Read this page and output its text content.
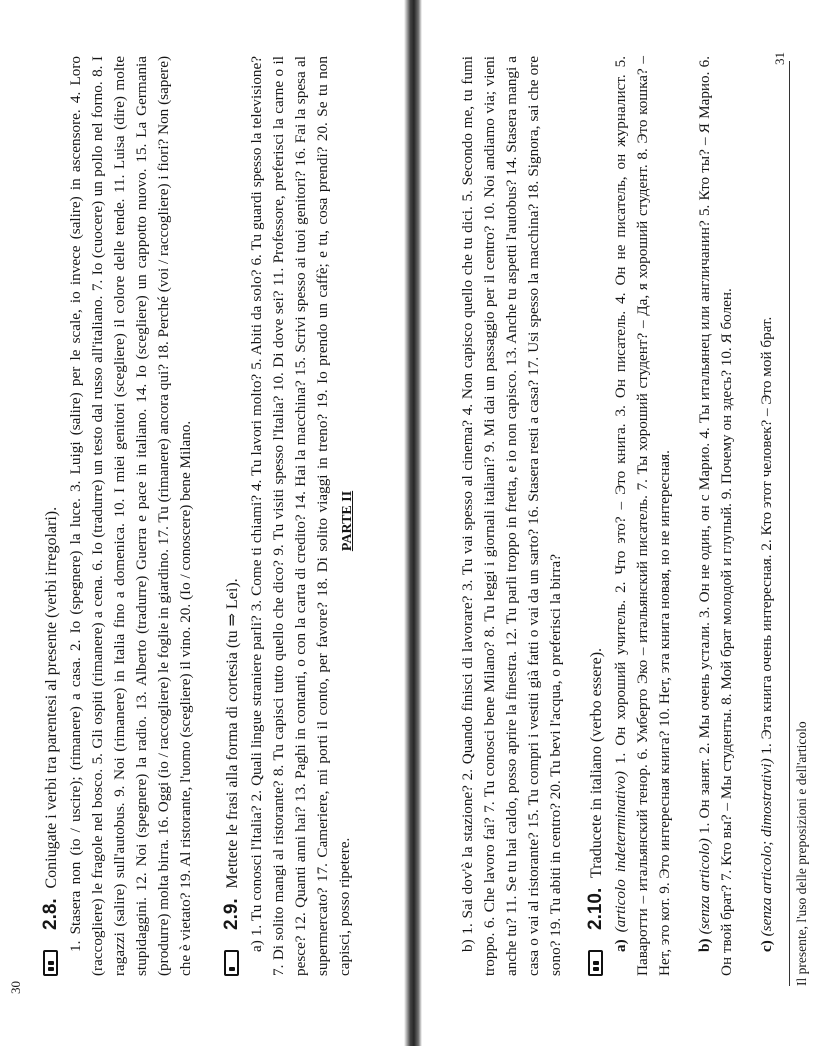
30
PARTE II
2.8. Coniugate i verbi tra parentesi al presente (verbi irregolari). 1. Stasera non (io / uscire); (rimanere) a casa. 2. Io (spegnere) la luce. 3. Luigi (salire) per le scale, io invece (salire) in ascensore. 4. Loro (raccogliere) le fragole nel bosco. 5. Gli ospiti (rimanere) a cena. 6. Io (tradurre) un testo dal russo all'italiano. 7. Io (cuocere) un pollo nel forno. 8. I ragazzi (salire) sull'autobus. 9. Noi (rimanere) in Italia fino a domenica. 10. I miei genitori (scegliere) il colore delle tende. 11. Luisa (dire) molte stupidaggini. 12. Noi (spegnere) la radio. 13. Alberto (tradurre) Guerra e pace in italiano. 14. Io (scegliere) un cappotto nuovo. 15. La Germania (produrre) molta birra. 16. Oggi (io / raccogliere) le foglie in giardino. 17. Tu (rimanere) ancora qui? 18. Perché (voi / raccogliere) i fiori? Non (sapere) che è vietato? 19. Al ristorante, l'uomo (scegliere) il vino. 20. (Io / conoscere) bene Milano. 2.9. Mettete le frasi alla forma di cortesia (tu ⇒ Lei). a) 1. Tu conosci l'Italia? 2. Quali lingue straniere parli? 3. Come ti chiami? 4. Tu lavori molto? 5. Abiti da solo? 6. Tu guardi spesso la televisione? 7. Di solito mangi al ristorante? 8. Tu capisci tutto quello che dico? 9. Tu visiti spesso l'Italia? 10. Di dove sei? 11. Professore, preferisci la carne o il pesce? 12. Quanti anni hai? 13. Paghi in contanti, o con la carta di credito? 14. Hai la macchina? 15. Scrivi spesso ai tuoi genitori? 16. Fai la spesa al supermercato? 17. Cameriere, mi porti il conto, per favore? 18. Di solito viaggi in treno? 19. Io prendo un caffè; e tu, cosa prendi? 20. Se tu non capisci, posso ripetere.

31
Il presente, l'uso delle preposizioni e dell'articolo

b) 1. Sai dov'è la stazione? 2. Quando finisci di lavorare? 3. Tu vai spesso al cinema? 4. Non capisco quello che tu dici. 5. Secondo me, tu fumi troppo. 6. Che lavoro fai? 7. Tu conosci bene Milano? 8. Tu leggi i giornali italiani? 9. Mi dai un passaggio per il centro? 10. Noi andiamo via; vieni anche tu? 11. Se tu hai caldo, posso aprire la finestra. 12. Tu parli troppo in fretta, e io non capisco. 13. Anche tu aspetti l'autobus? 14. Stasera mangi a casa o vai al ristorante? 15. Tu compri i vestiti già fatti o vai da un sarto? 16. Stasera resti a casa? 17. Usi spesso la macchina? 18. Signora, sai che ore sono? 19. Tu abiti in centro? 20. Tu bevi l'acqua, o preferisci la birra? 2.10. Traducete in italiano (verbo essere).

a) (articolo indeterminativo) 1. Он хороший учитель. 2. Что это? – Это книга. 3. Он писатель. 4. Он не писатель, он журналист. 5. Паваротти – итальянский тенор. 6. Умберто Эко – итальянский писатель. 7. Ты хороший студент? – Да, я хороший студент. 8. Это кошка? – Нет, это кот. 9. Это интересная книга? 10. Нет, эта книга новая, но не интересная. b) (senza articolo) 1. Он занят. 2. Мы очень устали. 3. Он не один, он с Марио. 4. Ты итальянец или англичанин? 5. Кто ты? – Я Марио. 6. Он твой брат? 7. Кто вы? – Мы студенты. 8. Мой брат молодой и глупый. 9. Почему он здесь? 10. Я болен. c) (senza articolo; dimostrativi) 1. Эта книга очень интересная. 2. Кто этот человек? – Это мой брат.
